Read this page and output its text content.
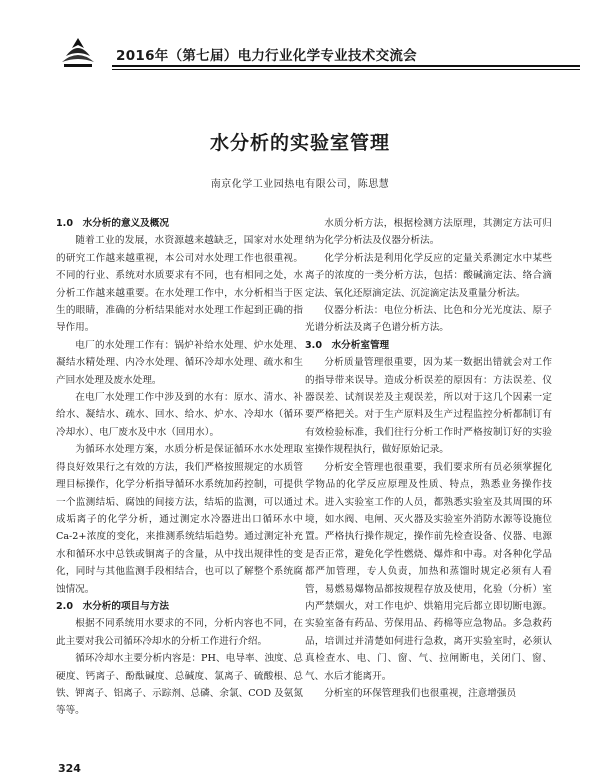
2016年（第七届）电力行业化学专业技术交流会
水分析的实验室管理
南京化学工业园热电有限公司，陈思慧
1.0　水分析的意义及概况

随着工业的发展，水资源越来越缺乏，国家对水处理的研究工作越来越重视，本公司对水处理工作也很重视。不同的行业、系统对水质要求有不同，也有相同之处，水分析工作越来越重要。在水处理工作中，水分析相当于医生的眼睛，准确的分析结果能对水处理工作起到正确的指导作用。

电厂的水处理工作有：锅炉补给水处理、炉水处理、凝结水精处理、内冷水处理、循环冷却水处理、疏水和生产回水处理及废水处理。

在电厂水处理工作中涉及到的水有：原水、清水、补给水、凝结水、疏水、回水、给水、炉水、冷却水（循环冷却水）、电厂废水及中水（回用水）。

为循环水处理方案，水质分析是保证循环水水处理取得良好效果行之有效的方法，我们严格按照规定的水质管理目标操作，化学分析指导循环水系统加药控制，可提供一个监测结垢、腐蚀的间接方法，结垢的监测，可以通过成垢离子的化学分析，通过测定水冷器进出口循环水中 Ca-2+浓度的变化，来推测系统结垢趋势。通过测定补充水和循环水中总铁或铜离子的含量，从中找出规律性的变化，同时与其他监测手段相结合，也可以了解整个系统腐蚀情况。

2.0　水分析的项目与方法

根据不同系统用水要求的不同，分析内容也不同，在此主要对我公司循环冷却水的分析工作进行介绍。

循环冷却水主要分析内容是：PH、电导率、浊度、总硬度、钙离子、酚酞碱度、总碱度、氯离子、硫酸根、总铁、钾离子、铝离子、示踪剂、总磷、余氯、COD 及氨氮等等。

水质分析方法，根据检测方法原理，其测定方法可归纳为化学分析法及仪器分析法。

化学分析法是利用化学反应的定量关系测定水中某些离子的浓度的一类分析方法，包括：酸碱滴定法、络合滴定法、氧化还原滴定法、沉淀滴定法及重量分析法。

仪器分析法：电位分析法、比色和分光光度法、原子光谱分析法及离子色谱分析方法。

3.0　水分析室管理

分析质量管理很重要，因为某一数据出错就会对工作的指导带来误导。造成分析误差的原因有：方法误差、仪器误差、试剂误差及主观误差，所以对于这几个因素一定要严格把关。对于生产原料及生产过程监控分析都制订有有效检验标准，我们往行分析工作时严格按制订好的实验室操作规程执行，做好原始记录。

分析安全管理也很重要，我们要求所有员必须掌握化学物品的化学反应原理及性质、特点，熟悉业务操作技术。进入实验室工作的人员，都熟悉实验室及其周围的环境，如水阀、电闸、灭火器及实验室外消防水源等设施位置。严格执行操作规定，操作前先检查设备、仪器、电源是否正常，避免化学性燃烧、爆炸和中毒。对各种化学品都严加管理，专人负责，加热和蒸馏时规定必须有人看管，易燃易爆物品都按规程存放及使用，化验（分析）室内严禁烟火，对工作电炉、烘箱用完后都立即切断电源。实验室备有药品、劳保用品、药棉等应急物品。多急救药品，培训过并清楚如何进行急救，离开实验室时，必须认真检查水、电、门、窗、气、拉闸断电，关闭门、窗、气、水后才能离开。

分析室的环保管理我们也很重视，注意增强员

324
